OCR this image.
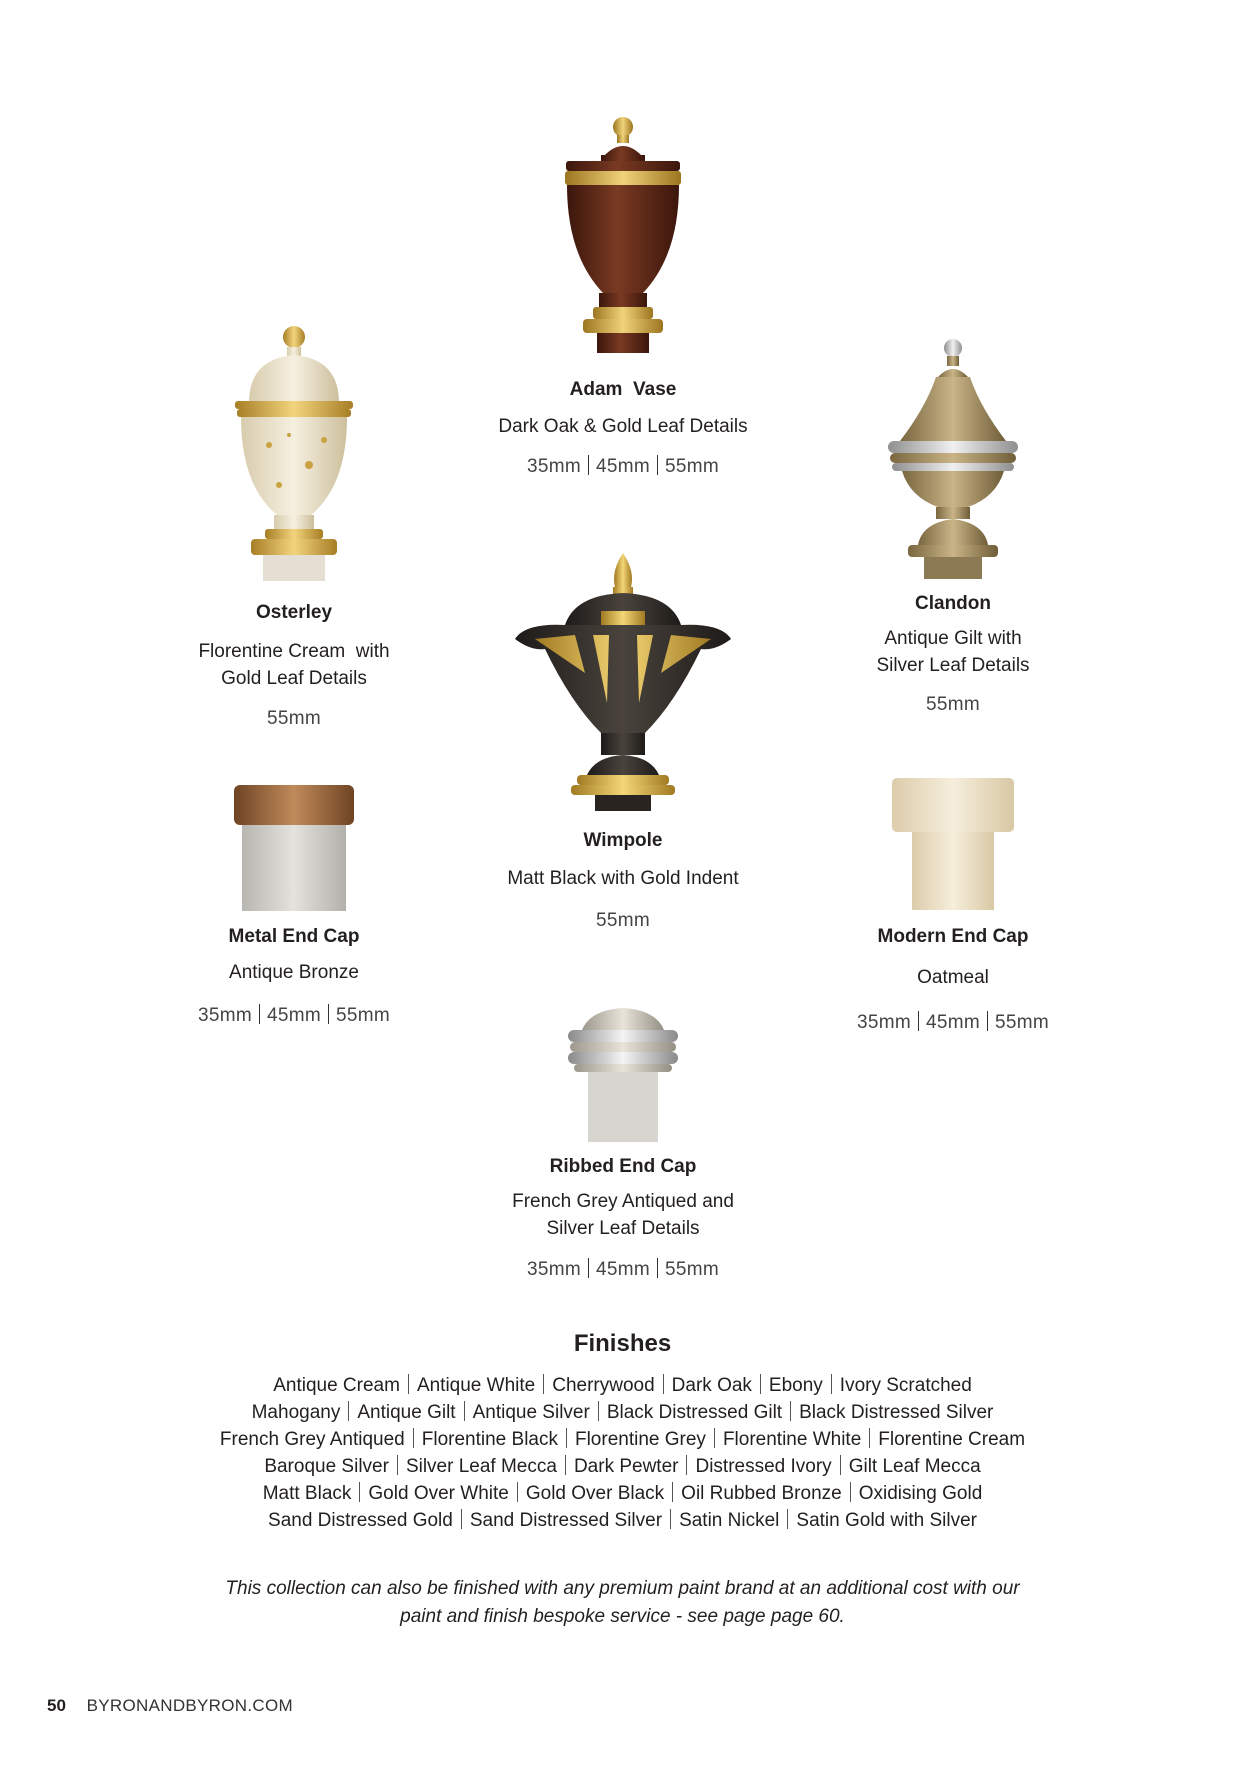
Adam  Vase

Dark Oak & Gold Leaf Details

35mm 45mm 55mm

Osterley

Florentine Cream  with
Gold Leaf Details

55mm

Clandon

Antique Gilt with
Silver Leaf Details

55mm

Wimpole

Matt Black with Gold Indent

55mm

Metal End Cap

Antique Bronze

35mm 45mm 55mm

Modern End Cap

Oatmeal

35mm 45mm 55mm

Ribbed End Cap

French Grey Antiqued and
Silver Leaf Details

35mm 45mm 55mm

Finishes
Antique Cream Antique White Cherrywood Dark Oak Ebony Ivory Scratched
Mahogany Antique Gilt Antique Silver Black Distressed Gilt Black Distressed Silver
French Grey Antiqued Florentine Black Florentine Grey Florentine White Florentine Cream
Baroque Silver Silver Leaf Mecca Dark Pewter Distressed Ivory Gilt Leaf Mecca
Matt Black Gold Over White Gold Over Black Oil Rubbed Bronze Oxidising Gold
Sand Distressed Gold Sand Distressed Silver Satin Nickel Satin Gold with Silver
This collection can also be finished with any premium paint brand at an additional cost with our
paint and finish bespoke service - see page page 60.
50 BYRONANDBYRON.COM
